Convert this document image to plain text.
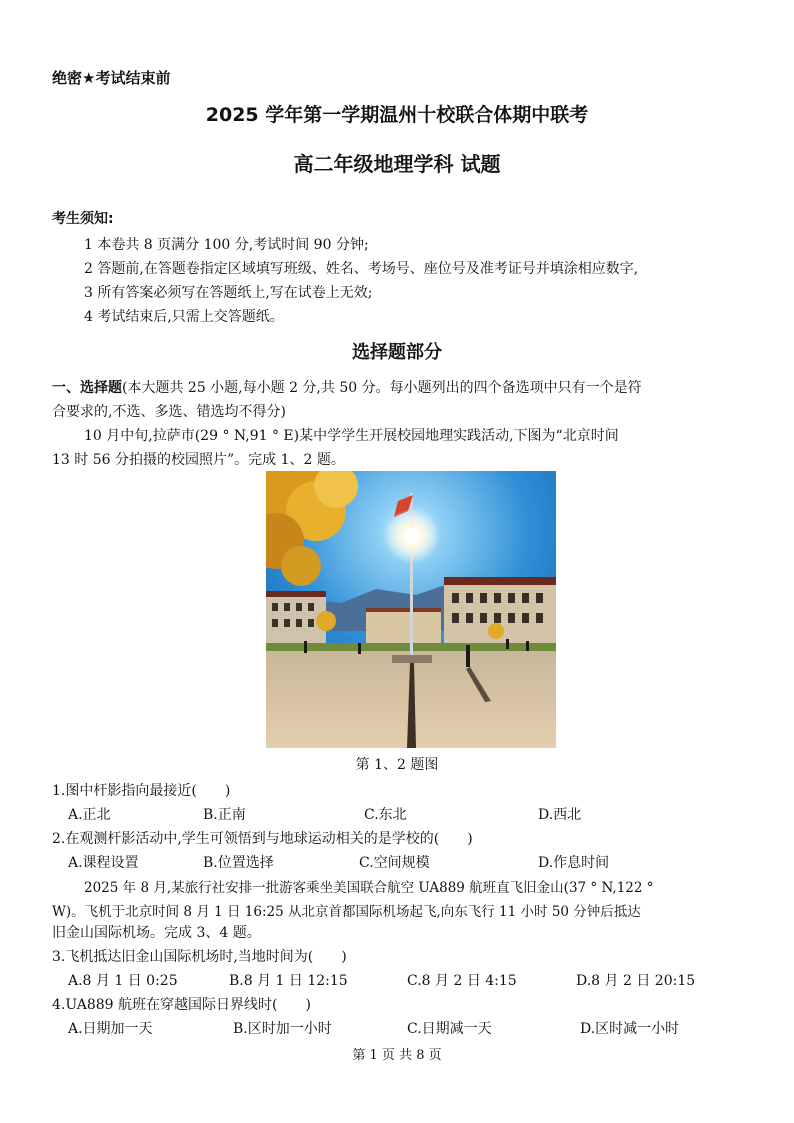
绝密★考试结束前
2025 学年第一学期温州十校联合体期中联考
高二年级地理学科 试题
考生须知:
1 本卷共 8 页满分 100 分,考试时间 90 分钟;
2 答题前,在答题卷指定区域填写班级、姓名、考场号、座位号及准考证号并填涂相应数字,
3 所有答案必须写在答题纸上,写在试卷上无效;
4 考试结束后,只需上交答题纸。
选择题部分
一、选择题(本大题共 25 小题,每小题 2 分,共 50 分。每小题列出的四个备选项中只有一个是符
合要求的,不选、多选、错选均不得分)
10 月中旬,拉萨市(29 ° N,91 ° E)某中学学生开展校园地理实践活动,下图为“北京时间
13 时 56 分拍摄的校园照片”。完成 1、2 题。
第 1、2 题图
1.图中杆影指向最接近(　　)
A.正北	B.正南	C.东北	D.西北
2.在观测杆影活动中,学生可领悟到与地球运动相关的是学校的(　　)
A.课程设置	B.位置选择	C.空间规模	D.作息时间
2025 年 8 月,某旅行社安排一批游客乘坐美国联合航空 UA889 航班直飞旧金山(37 ° N,122 °
W)。飞机于北京时间 8 月 1 日 16:25 从北京首都国际机场起飞,向东飞行 11 小时 50 分钟后抵达
旧金山国际机场。完成 3、4 题。
3.飞机抵达旧金山国际机场时,当地时间为(　　)
A.8 月 1 日 0:25	B.8 月 1 日 12:15	C.8 月 2 日 4:15	D.8 月 2 日 20:15
4.UA889 航班在穿越国际日界线时(　　)
A.日期加一天	B.区时加一小时	C.日期减一天	D.区时减一小时
第 1 页 共 8 页
